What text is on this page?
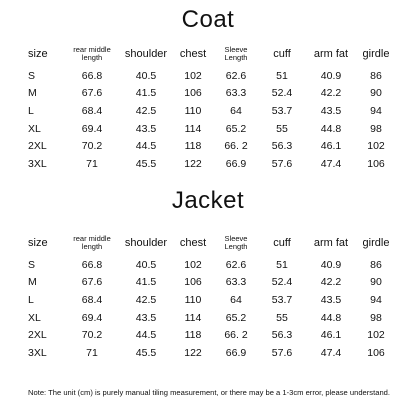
Coat
size	rear middle length	shoulder	chest	Sleeve Length	cuff	arm fat	girdle
S	66.8	40.5	102	62.6	51	40.9	86
M	67.6	41.5	106	63.3	52.4	42.2	90
L	68.4	42.5	110	64	53.7	43.5	94
XL	69.4	43.5	114	65.2	55	44.8	98
2XL	70.2	44.5	118	66. 2	56.3	46.1	102
3XL	71	45.5	122	66.9	57.6	47.4	106
Jacket
size	rear middle length	shoulder	chest	Sleeve Length	cuff	arm fat	girdle
S	66.8	40.5	102	62.6	51	40.9	86
M	67.6	41.5	106	63.3	52.4	42.2	90
L	68.4	42.5	110	64	53.7	43.5	94
XL	69.4	43.5	114	65.2	55	44.8	98
2XL	70.2	44.5	118	66. 2	56.3	46.1	102
3XL	71	45.5	122	66.9	57.6	47.4	106
Note: The unit (cm) is purely manual tiling measurement, or there may be a 1-3cm error, please understand.
